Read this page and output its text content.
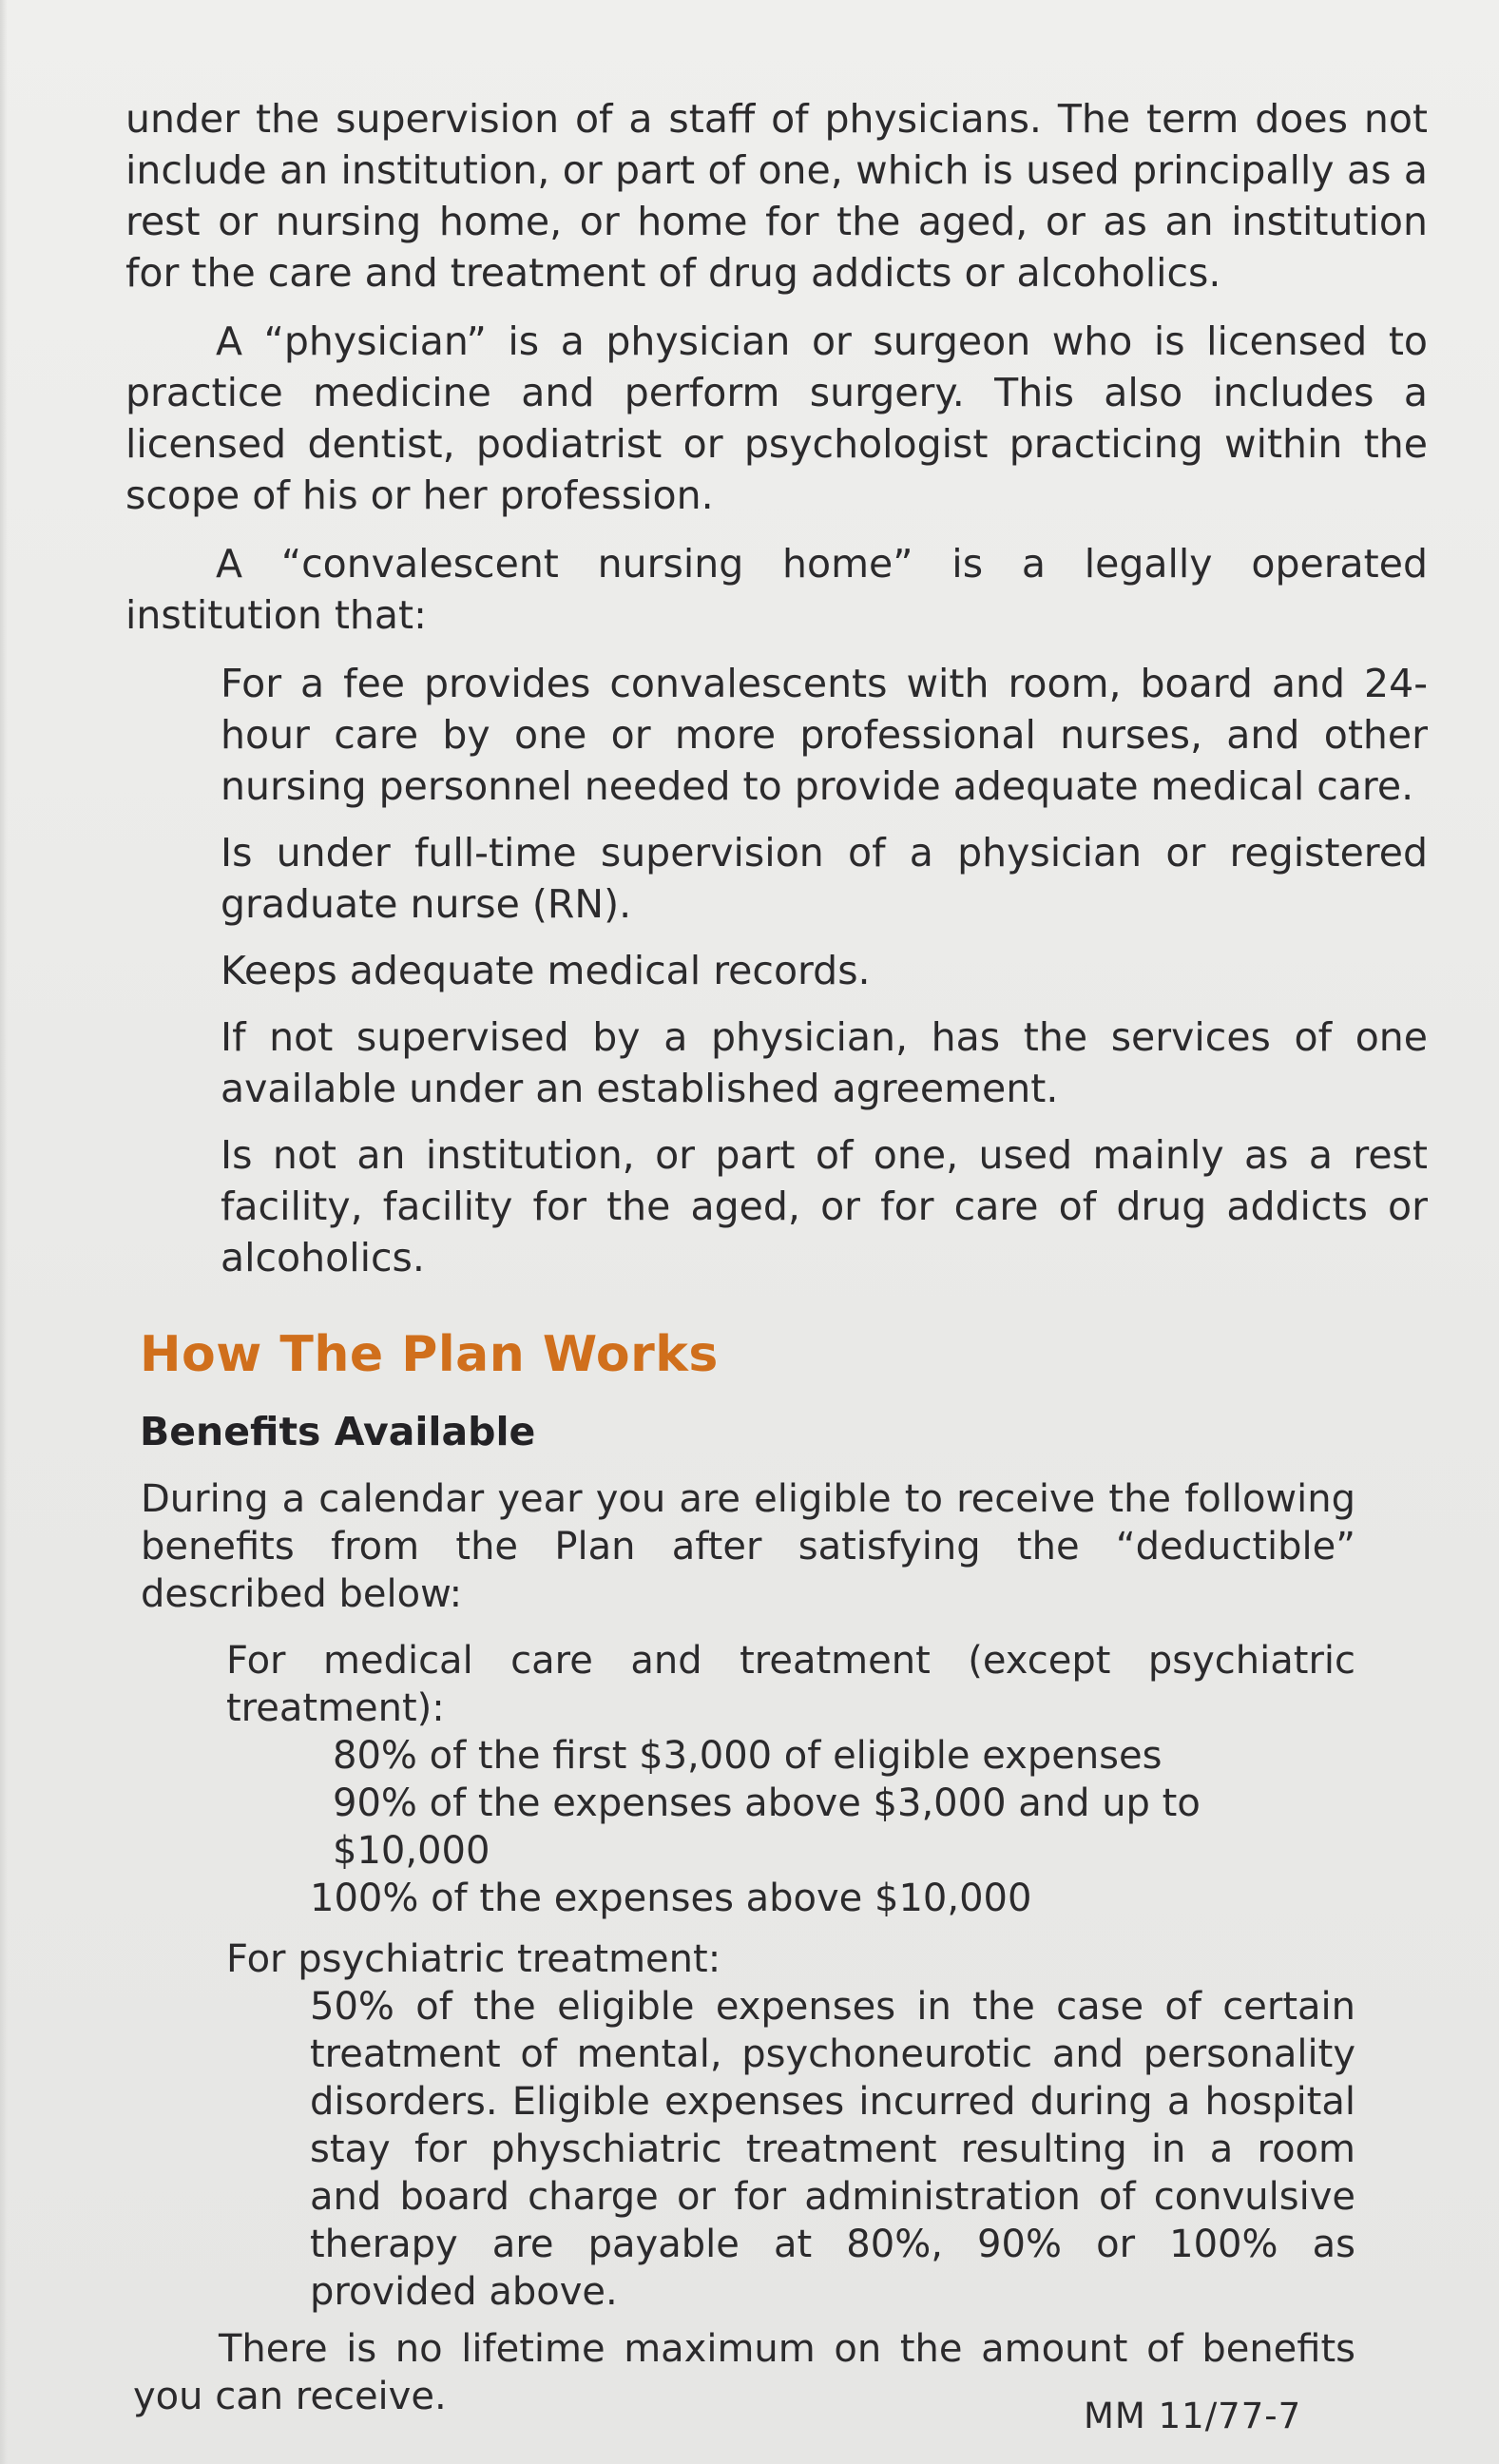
under the supervision of a staff of physicians. The term does not include an institution, or part of one, which is used principally as a rest or nursing home, or home for the aged, or as an institution for the care and treatment of drug addicts or alcoholics.

A “physician” is a physician or surgeon who is licensed to practice medicine and perform surgery. This also includes a licensed dentist, podiatrist or psychologist practicing within the scope of his or her profession.

A “convalescent nursing home” is a legally operated institution that:

For a fee provides convalescents with room, board and 24-hour care by one or more professional nurses, and other nursing personnel needed to provide adequate medical care.

Is under full-time supervision of a physician or registered graduate nurse (RN).

Keeps adequate medical records.

If not supervised by a physician, has the services of one available under an established agreement.

Is not an institution, or part of one, used mainly as a rest facility, facility for the aged, or for care of drug addicts or alcoholics.

How The Plan Works
Benefits Available

During a calendar year you are eligible to receive the following benefits from the Plan after satisfying the “deductible” described below:

For medical care and treatment (except psychiatric treatment):

80% of the first $3,000 of eligible expenses

90% of the expenses above $3,000 and up to $10,000

100% of the expenses above $10,000

For psychiatric treatment:

50% of the eligible expenses in the case of certain treatment of mental, psychoneurotic and personality disorders. Eligible expenses incurred during a hospital stay for physchiatric treatment resulting in a room and board charge or for administration of convulsive therapy are payable at 80%, 90% or 100% as provided above.

There is no lifetime maximum on the amount of benefits you can receive.	MM 11/77-7
